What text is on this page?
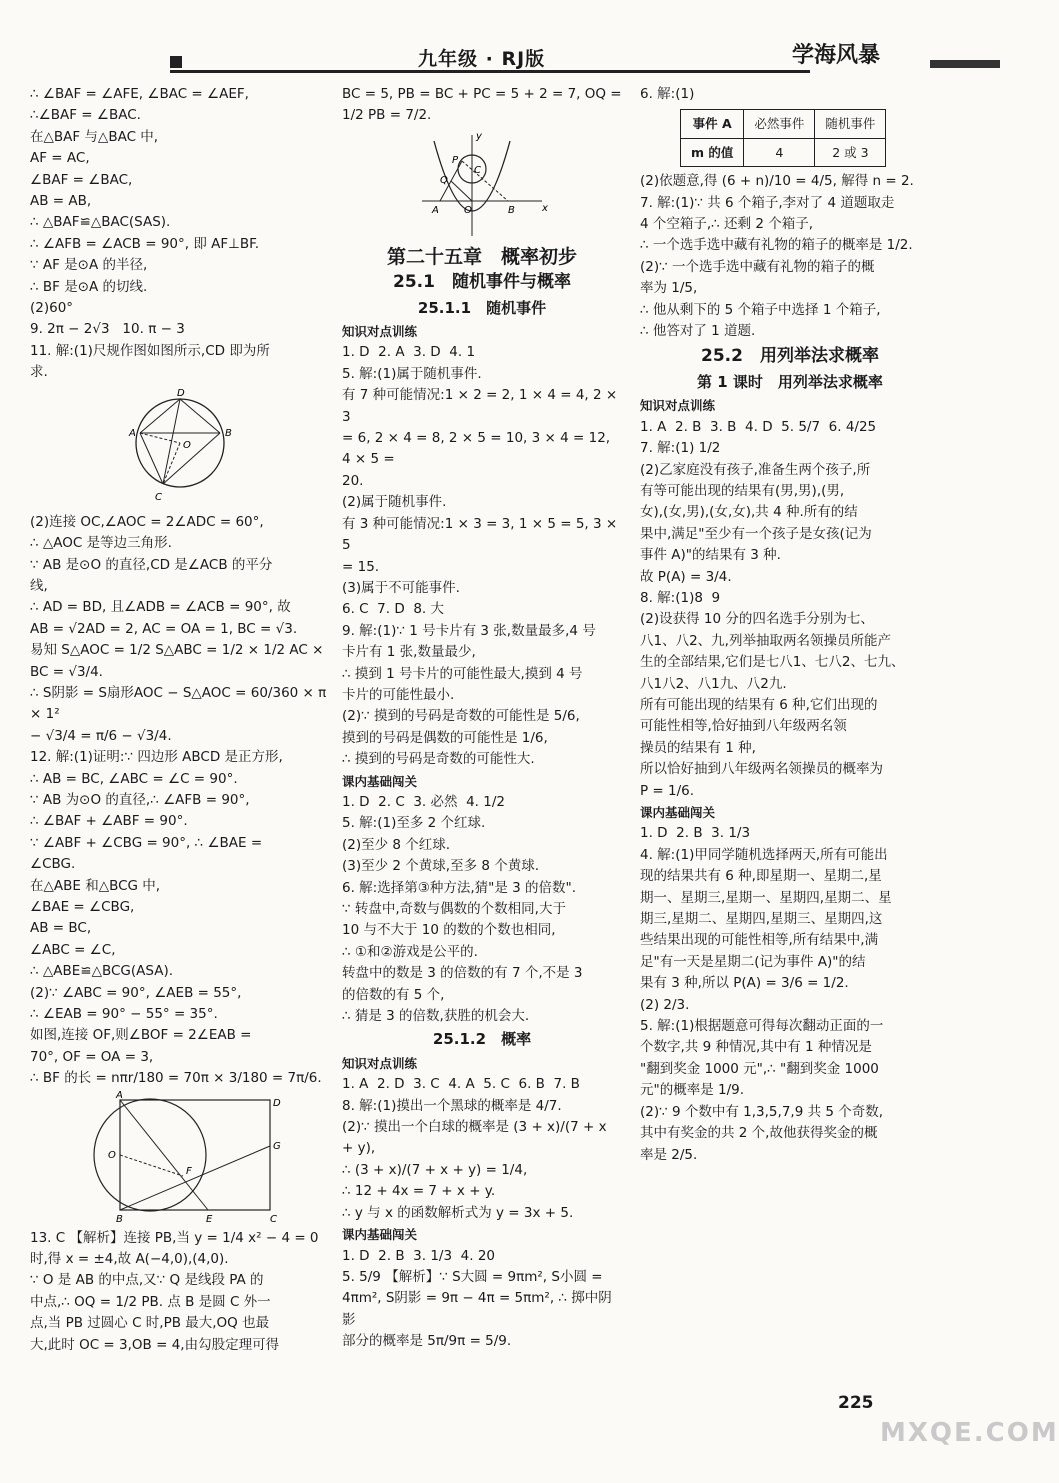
九年级 · RJ版	学海风暴
∴ ∠BAF = ∠AFE, ∠BAC = ∠AEF,
∴∠BAF = ∠BAC.
在△BAF 与△BAC 中,
AF = AC,
∠BAF = ∠BAC,
AB = AB,
∴ △BAF≌△BAC(SAS).
∴ ∠AFB = ∠ACB = 90°, 即 AF⊥BF.
∵ AF 是⊙A 的半径,
∴ BF 是⊙A 的切线.
(2)60°
9. 2π − 2√3   10. π − 3
11. 解:(1)尺规作图如图所示,CD 即为所
求.
D
A	B
O
C
(2)连接 OC,∠AOC = 2∠ADC = 60°,
∴ △AOC 是等边三角形.
∵ AB 是⊙O 的直径,CD 是∠ACB 的平分
线,
∴ AD = BD, 且∠ADB = ∠ACB = 90°, 故
AB = √2AD = 2, AC = OA = 1, BC = √3.
易知 S△AOC = 1/2 S△ABC = 1/2 × 1/2 AC ×
BC = √3/4.
∴ S阴影 = S扇形AOC − S△AOC = 60/360 × π × 1²
− √3/4 = π/6 − √3/4.
12. 解:(1)证明:∵ 四边形 ABCD 是正方形,
∴ AB = BC, ∠ABC = ∠C = 90°.
∵ AB 为⊙O 的直径,∴ ∠AFB = 90°,
∴ ∠BAF + ∠ABF = 90°.
∵ ∠ABF + ∠CBG = 90°, ∴ ∠BAE =
∠CBG.
在△ABE 和△BCG 中,
∠BAE = ∠CBG,
AB = BC,
∠ABC = ∠C,
∴ △ABE≌△BCG(ASA).
(2)∵ ∠ABC = 90°, ∠AEB = 55°,
∴ ∠EAB = 90° − 55° = 35°.
如图,连接 OF,则∠BOF = 2∠EAB =
70°, OF = OA = 3,
∴ BF 的长 = nπr/180 = 70π × 3/180 = 7π/6.
A
D
O
G
F
B	E	C
13. C 【解析】连接 PB,当 y = 1/4 x² − 4 = 0
时,得 x = ±4,故 A(−4,0),(4,0).
∵ O 是 AB 的中点,又∵ Q 是线段 PA 的
中点,∴ OQ = 1/2 PB. 点 B 是圆 C 外一
点,当 PB 过圆心 C 时,PB 最大,OQ 也最
大,此时 OC = 3,OB = 4,由勾股定理可得
BC = 5, PB = BC + PC = 5 + 2 = 7, OQ =
1/2 PB = 7/2.
y
P
C
Q
A	O	B	x
第二十五章　概率初步
25.1　随机事件与概率
25.1.1　随机事件
知识对点训练
1. D  2. A  3. D  4. 1
5. 解:(1)属于随机事件.
有 7 种可能情况:1 × 2 = 2, 1 × 4 = 4, 2 × 3
= 6, 2 × 4 = 8, 2 × 5 = 10, 3 × 4 = 12, 4 × 5 =
20.
(2)属于随机事件.
有 3 种可能情况:1 × 3 = 3, 1 × 5 = 5, 3 × 5
= 15.
(3)属于不可能事件.
6. C  7. D  8. 大
9. 解:(1)∵ 1 号卡片有 3 张,数量最多,4 号
卡片有 1 张,数量最少,
∴ 摸到 1 号卡片的可能性最大,摸到 4 号
卡片的可能性最小.
(2)∵ 摸到的号码是奇数的可能性是 5/6,
摸到的号码是偶数的可能性是 1/6,
∴ 摸到的号码是奇数的可能性大.
课内基础闯关
1. D  2. C  3. 必然  4. 1/2
5. 解:(1)至多 2 个红球.
(2)至少 8 个红球.
(3)至少 2 个黄球,至多 8 个黄球.
6. 解:选择第③种方法,猜"是 3 的倍数".
∵ 转盘中,奇数与偶数的个数相同,大于
10 与不大于 10 的数的个数也相同,
∴ ①和②游戏是公平的.
转盘中的数是 3 的倍数的有 7 个,不是 3
的倍数的有 5 个,
∴ 猜是 3 的倍数,获胜的机会大.
25.1.2　概率
知识对点训练
1. A  2. D  3. C  4. A  5. C  6. B  7. B
8. 解:(1)摸出一个黑球的概率是 4/7.
(2)∵ 摸出一个白球的概率是 (3 + x)/(7 + x + y),
∴ (3 + x)/(7 + x + y) = 1/4,
∴ 12 + 4x = 7 + x + y.
∴ y 与 x 的函数解析式为 y = 3x + 5.
课内基础闯关
1. D  2. B  3. 1/3  4. 20
5. 5/9 【解析】∵ S大圆 = 9πm², S小圆 =
4πm², S阴影 = 9π − 4π = 5πm², ∴ 掷中阴影
部分的概率是 5π/9π = 5/9.
6. 解:(1)
事件 A	必然事件	随机事件
m 的值	4	2 或 3
(2)依题意,得 (6 + n)/10 = 4/5, 解得 n = 2.
7. 解:(1)∵ 共 6 个箱子,李对了 4 道题取走
4 个空箱子,∴ 还剩 2 个箱子,
∴ 一个选手选中藏有礼物的箱子的概率是 1/2.
(2)∵ 一个选手选中藏有礼物的箱子的概
率为 1/5,
∴ 他从剩下的 5 个箱子中选择 1 个箱子,
∴ 他答对了 1 道题.
25.2　用列举法求概率
第 1 课时　用列举法求概率
知识对点训练
1. A  2. B  3. B  4. D  5. 5/7  6. 4/25
7. 解:(1) 1/2
(2)乙家庭没有孩子,准备生两个孩子,所
有等可能出现的结果有(男,男),(男,
女),(女,男),(女,女),共 4 种.所有的结
果中,满足"至少有一个孩子是女孩(记为
事件 A)"的结果有 3 种.
故 P(A) = 3/4.
8. 解:(1)8  9
(2)设获得 10 分的四名选手分别为七、
八1、八2、九,列举抽取两名领操员所能产
生的全部结果,它们是七八1、七八2、七九、
八1八2、八1九、八2九.
所有可能出现的结果有 6 种,它们出现的
可能性相等,恰好抽到八年级两名领
操员的结果有 1 种,
所以恰好抽到八年级两名领操员的概率为
P = 1/6.
课内基础闯关
1. D  2. B  3. 1/3
4. 解:(1)甲同学随机选择两天,所有可能出
现的结果共有 6 种,即星期一、星期二,星
期一、星期三,星期一、星期四,星期二、星
期三,星期二、星期四,星期三、星期四,这
些结果出现的可能性相等,所有结果中,满
足"有一天是星期二(记为事件 A)"的结
果有 3 种,所以 P(A) = 3/6 = 1/2.
(2) 2/3.
5. 解:(1)根据题意可得每次翻动正面的一
个数字,共 9 种情况,其中有 1 种情况是
"翻到奖金 1000 元",∴ "翻到奖金 1000
元"的概率是 1/9.
(2)∵ 9 个数中有 1,3,5,7,9 共 5 个奇数,
其中有奖金的共 2 个,故他获得奖金的概
率是 2/5.
225
MXQE.COM
